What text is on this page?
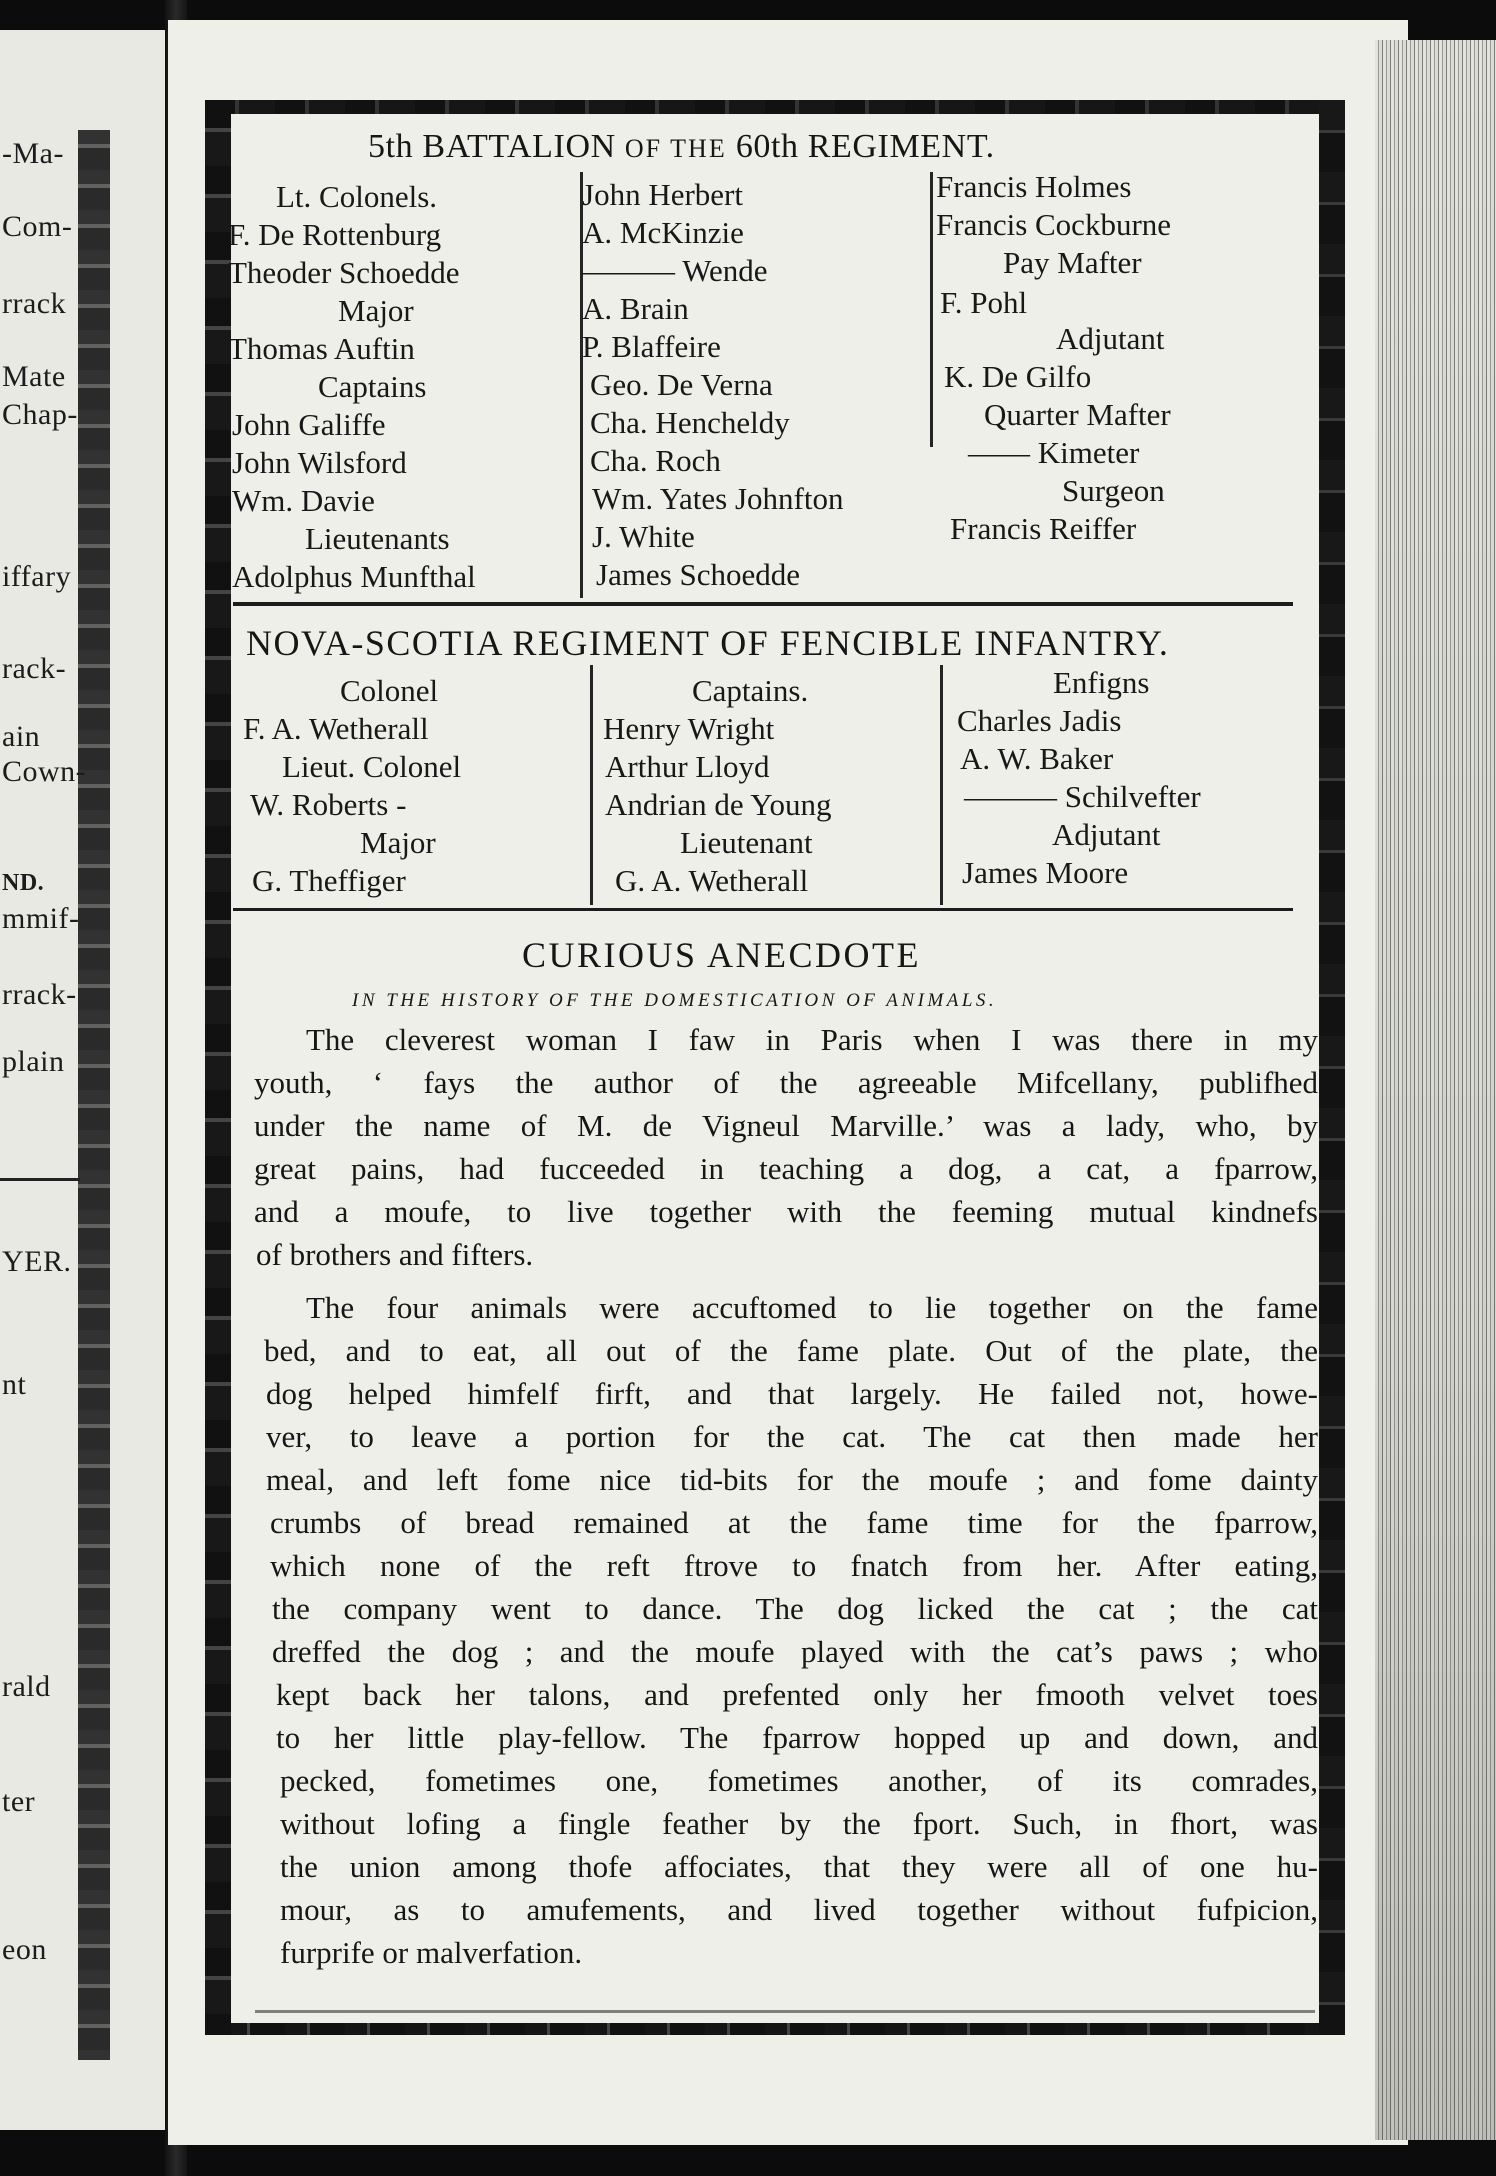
-Ma-
Com-
rrack
Mate
Chap-
iffary
rack-
ain
Cown-
ND.
mmif-
rrack-
plain
YER.
nt
rald
ter
eon
5th BATTALION OF THE 60th REGIMENT.
Lt. Colonels.
F. De Rottenburg
Theoder Schoedde
Major
Thomas Auftin
Captains
John Galiffe
John Wilsford
Wm. Davie
Lieutenants
Adolphus Munfthal
John Herbert
A. McKinzie
——— Wende
A. Brain
P. Blaffeire
Geo. De Verna
Cha. Hencheldy
Cha. Roch
Wm. Yates Johnfton
J. White
James Schoedde
Francis Holmes
Francis Cockburne
Pay Mafter
F. Pohl
Adjutant
K. De Gilfo
Quarter Mafter
—— Kimeter
Surgeon
Francis Reiffer
NOVA-SCOTIA REGIMENT OF FENCIBLE INFANTRY.
Colonel
F. A. Wetherall
Lieut. Colonel
W. Roberts -
Major
G. Theffiger
Captains.
Henry Wright
Arthur Lloyd
Andrian de Young
Lieutenant
G. A. Wetherall
Enfigns
Charles Jadis
A. W. Baker
——— Schilvefter
Adjutant
James Moore
CURIOUS ANECDOTE
IN THE HISTORY OF THE DOMESTICATION OF ANIMALS.
The cleverest woman I faw in Paris when I was there in my
youth, ‘ fays the author of the agreeable Mifcellany, publifhed
under the name of M. de Vigneul Marville.’ was a lady, who, by
great pains, had fucceeded in teaching a dog, a cat, a fparrow,
and a moufe, to live together with the feeming mutual kindnefs
of brothers and fifters.
The four animals were accuftomed to lie together on the fame
bed, and to eat, all out of the fame plate. Out of the plate, the
dog helped himfelf firft, and that largely. He failed not, howe-
ver, to leave a portion for the cat. The cat then made her
meal, and left fome nice tid-bits for the moufe ; and fome dainty
crumbs of bread remained at the fame time for the fparrow,
which none of the reft ftrove to fnatch from her. After eating,
the company went to dance. The dog licked the cat ; the cat
dreffed the dog ; and the moufe played with the cat’s paws ; who
kept back her talons, and prefented only her fmooth velvet toes
to her little play-fellow. The fparrow hopped up and down, and
pecked, fometimes one, fometimes another, of its comrades,
without lofing a fingle feather by the fport. Such, in fhort, was
the union among thofe affociates, that they were all of one hu-
mour, as to amufements, and lived together without fufpicion,
furprife or malverfation.
